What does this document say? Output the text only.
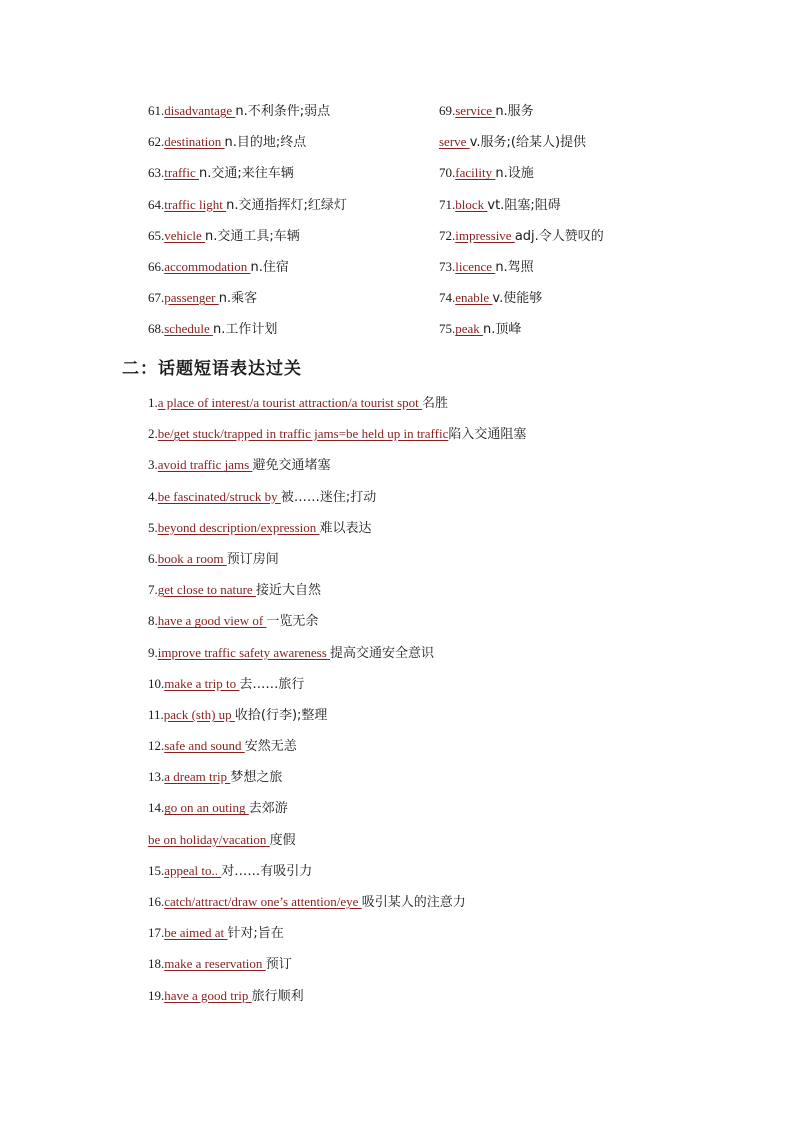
61.disadvantage n.不利条件;弱点	69.service n.服务
62.destination n.目的地;终点	serve v.服务;(给某人)提供
63.traffic n.交通;来往车辆	70.facility n.设施
64.traffic light n.交通指挥灯;红绿灯	71.block vt.阻塞;阻碍
65.vehicle n.交通工具;车辆	72.impressive adj.令人赞叹的
66.accommodation n.住宿	73.licence n.驾照
67.passenger n.乘客	74.enable v.使能够
68.schedule n.工作计划	75.peak n.顶峰
二：话题短语表达过关
1.a place of interest/a tourist attraction/a tourist spot 名胜
2.be/get stuck/trapped in traffic jams=be held up in traffic陷入交通阻塞
3.avoid traffic jams 避免交通堵塞
4.be fascinated/struck by 被……迷住;打动
5.beyond description/expression 难以表达
6.book a room 预订房间
7.get close to nature 接近大自然
8.have a good view of 一览无余
9.improve traffic safety awareness 提高交通安全意识
10.make a trip to 去……旅行
11.pack (sth) up 收拾(行李);整理
12.safe and sound 安然无恙
13.a dream trip 梦想之旅
14.go on an outing 去郊游
be on holiday/vacation 度假
15.appeal to.. 对……有吸引力
16.catch/attract/draw one’s attention/eye 吸引某人的注意力
17.be aimed at 针对;旨在
18.make a reservation 预订
19.have a good trip 旅行顺利
